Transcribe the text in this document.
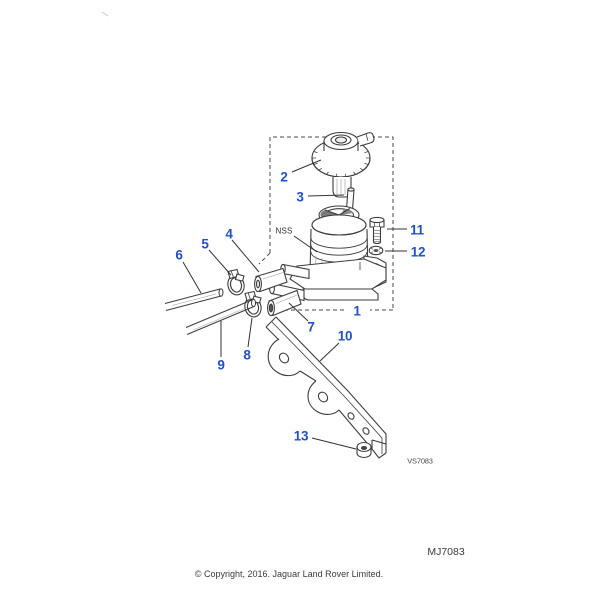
2
3
4
5
6
7
8
9
10
11
12
1
13
NSS
VS7083
MJ7083
© Copyright, 2016. Jaguar Land Rover Limited.
